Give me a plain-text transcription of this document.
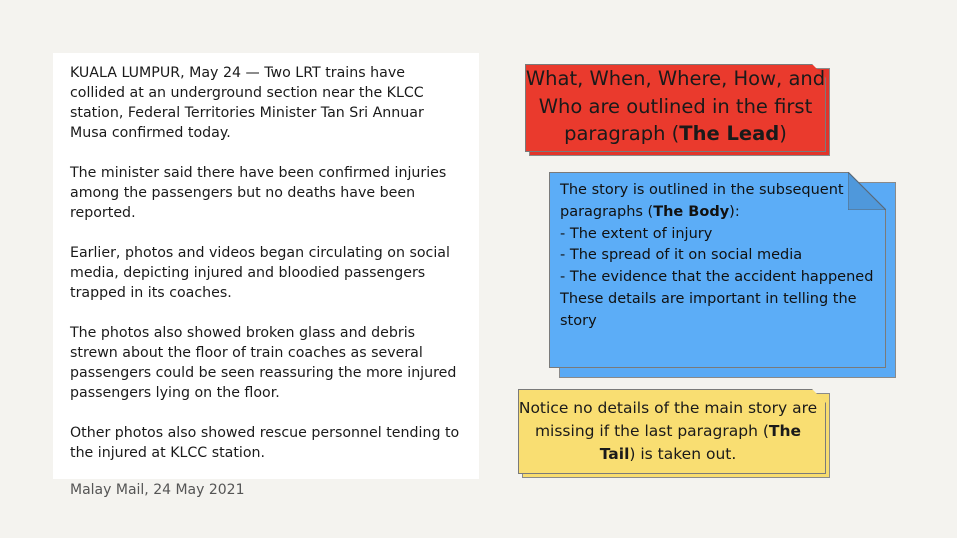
KUALA LUMPUR, May 24 — Two LRT trains have collided at an underground section near the KLCC station, Federal Territories Minister Tan Sri Annuar Musa confirmed today.

The minister said there have been confirmed injuries among the passengers but no deaths have been reported.

Earlier, photos and videos began circulating on social media, depicting injured and bloodied passengers trapped in its coaches.

The photos also showed broken glass and debris strewn about the floor of train coaches as several passengers could be seen reassuring the more injured passengers lying on the floor.

Other photos also showed rescue personnel tending to the injured at KLCC station.

Malay Mail, 24 May 2021
What, When, Where, How, and Who are outlined in the first paragraph (The Lead)
The story is outlined in the subsequent paragraphs (The Body):
- The extent of injury
- The spread of it on social media
- The evidence that the accident happened
These details are important in telling the story
Notice no details of the main story are missing if the last paragraph (The Tail) is taken out.
